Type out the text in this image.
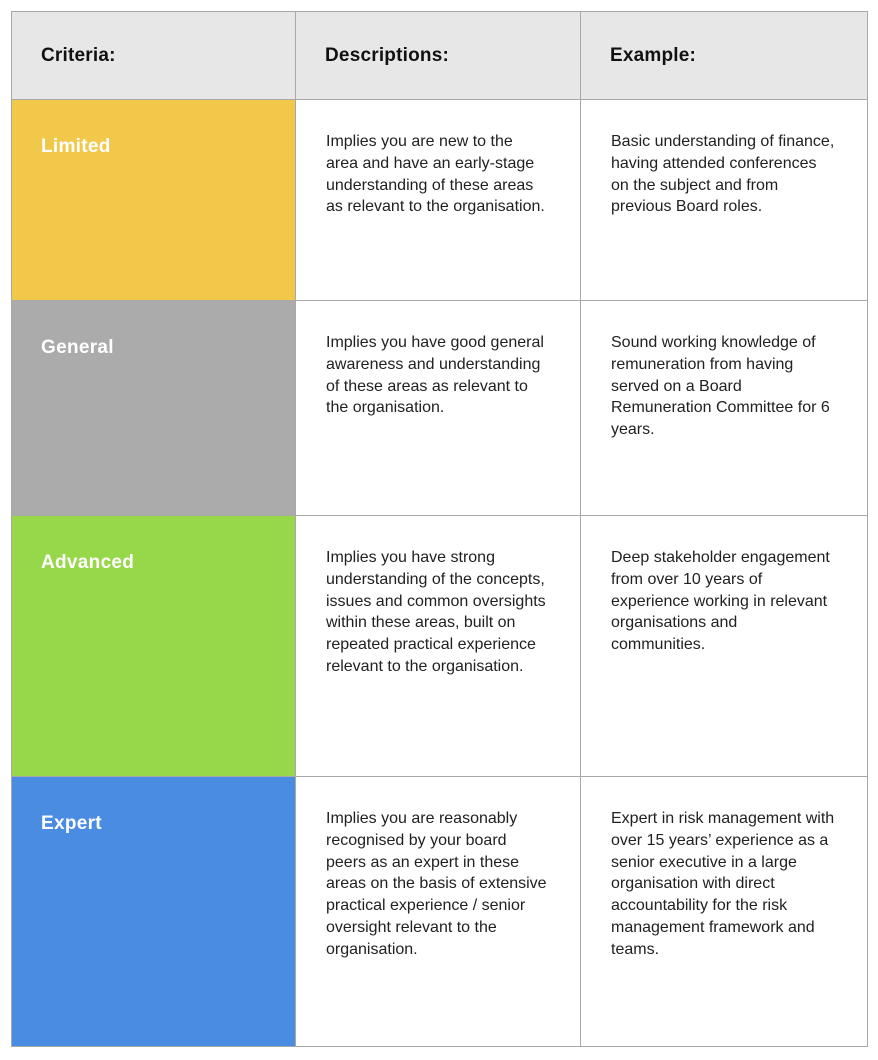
Criteria:	Descriptions:	Example:
Limited	Implies you are new to the area and have an early-stage understanding of these areas as relevant to the organisation.	Basic understanding of finance, having attended conferences on the subject and from previous Board roles.
General	Implies you have good general awareness and understanding of these areas as relevant to the organisation.	Sound working knowledge of remuneration from having served on a Board Remuneration Committee for 6 years.
Advanced	Implies you have strong understanding of the concepts, issues and common oversights within these areas, built on repeated practical experience relevant to the organisation.	Deep stakeholder engagement from over 10 years of experience working in relevant organisations and communities.
Expert	Implies you are reasonably recognised by your board peers as an expert in these areas on the basis of extensive practical experience / senior oversight relevant to the organisation.	Expert in risk management with over 15 years’ experience as a senior executive in a large organisation with direct accountability for the risk management framework and teams.
